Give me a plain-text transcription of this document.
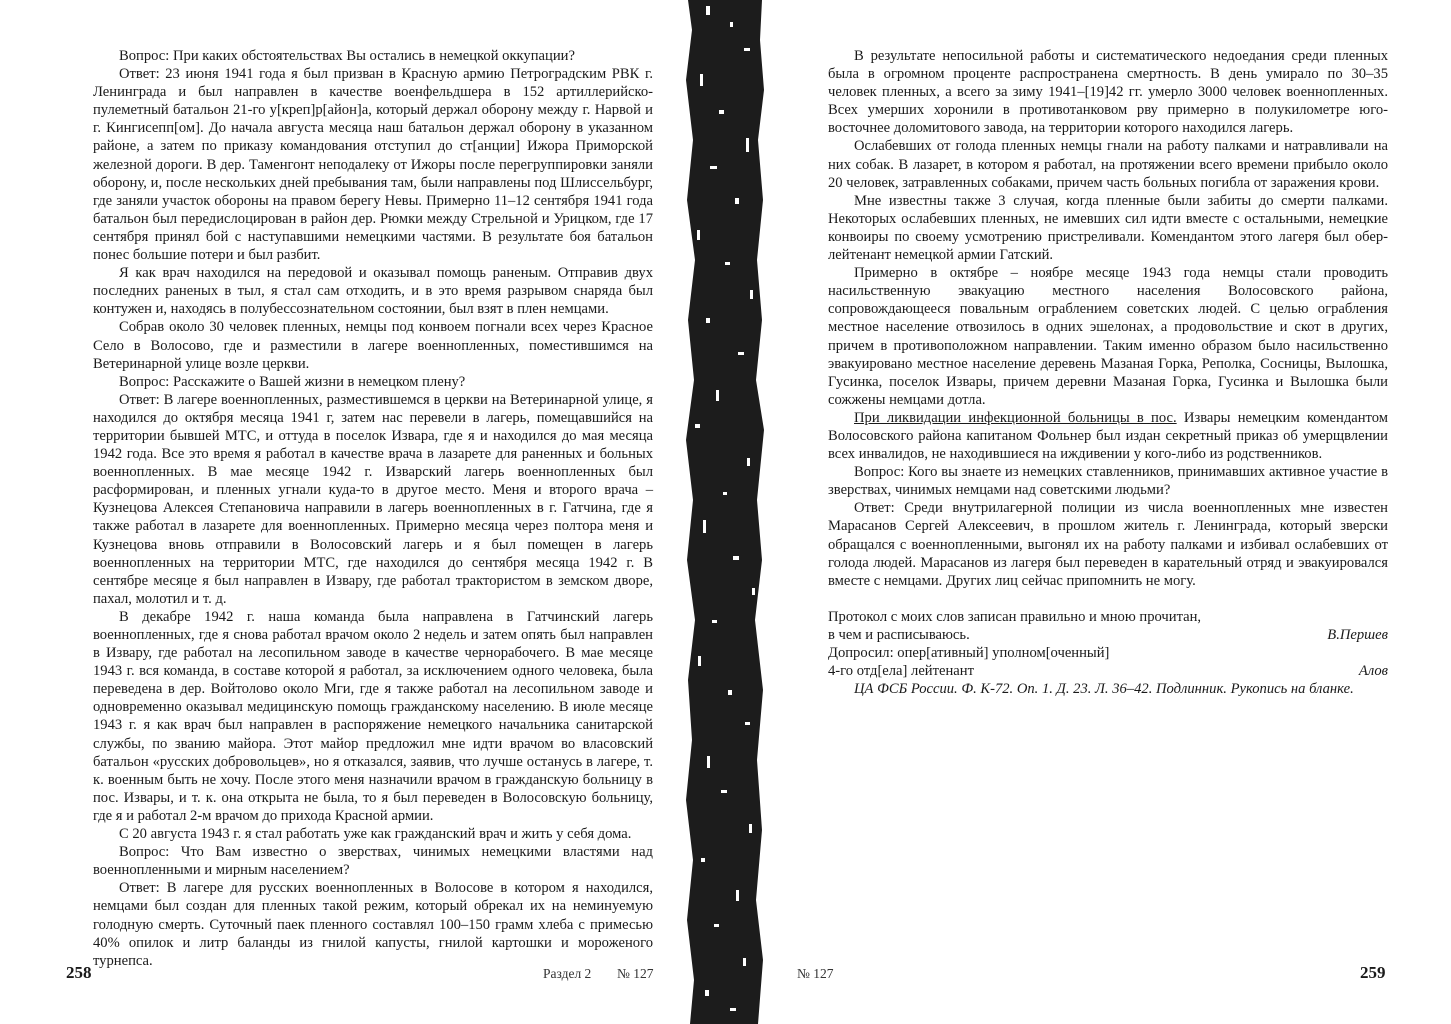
Вопрос: При каких обстоятельствах Вы остались в немецкой оккупации?

Ответ: 23 июня 1941 года я был призван в Красную армию Петроградским РВК г. Ленинграда и был направлен в качестве военфельдшера в 152 артиллерийско-пулеметный батальон 21-го у[креп]р[айон]а, который держал оборону между г. Нарвой и г. Кингисепп[ом]. До начала августа месяца наш батальон держал оборону в указанном районе, а затем по приказу командования отступил до ст[анции] Ижора Приморской железной дороги. В дер. Таменгонт неподалеку от Ижоры после перегруппировки заняли оборону, и, после нескольких дней пребывания там, были направлены под Шлиссельбург, где заняли участок обороны на правом берегу Невы. Примерно 11–12 сентября 1941 года батальон был передислоцирован в район дер. Рюмки между Стрельной и Урицком, где 17 сентября принял бой с наступавшими немецкими частями. В результате боя батальон понес большие потери и был разбит.

Я как врач находился на передовой и оказывал помощь раненым. Отправив двух последних раненых в тыл, я стал сам отходить, и в это время разрывом снаряда был контужен и, находясь в полубессознательном состоянии, был взят в плен немцами.

Собрав около 30 человек пленных, немцы под конвоем погнали всех через Красное Село в Волосово, где и разместили в лагере военнопленных, поместившимся на Ветеринарной улице возле церкви.

Вопрос: Расскажите о Вашей жизни в немецком плену?

Ответ: В лагере военнопленных, разместившемся в церкви на Ветеринарной улице, я находился до октября месяца 1941 г, затем нас перевели в лагерь, помещавшийся на территории бывшей МТС, и оттуда в поселок Извара, где я и находился до мая месяца 1942 года. Все это время я работал в качестве врача в лазарете для раненных и больных военнопленных. В мае месяце 1942 г. Изварский лагерь военнопленных был расформирован, и пленных угнали куда-то в другое место. Меня и второго врача – Кузнецова Алексея Степановича направили в лагерь военнопленных в г. Гатчина, где я также работал в лазарете для военнопленных. Примерно месяца через полтора меня и Кузнецова вновь отправили в Волосовский лагерь и я был помещен в лагерь военнопленных на территории МТС, где находился до сентября месяца 1942 г. В сентябре месяце я был направлен в Извару, где работал трактористом в земском дворе, пахал, молотил и т. д.

В декабре 1942 г. наша команда была направлена в Гатчинский лагерь военнопленных, где я снова работал врачом около 2 недель и затем опять был направлен в Извару, где работал на лесопильном заводе в качестве чернорабочего. В мае месяце 1943 г. вся команда, в составе которой я работал, за исключением одного человека, была переведена в дер. Войтолово около Мги, где я также работал на лесопильном заводе и одновременно оказывал медицинскую помощь гражданскому населению. В июле месяце 1943 г. я как врач был направлен в распоряжение немецкого начальника санитарской службы, по званию майора. Этот майор предложил мне идти врачом во власовский батальон «русских добровольцев», но я отказался, заявив, что лучше останусь в лагере, т. к. военным быть не хочу. После этого меня назначили врачом в гражданскую больницу в пос. Извары, и т. к. она открыта не была, то я был переведен в Волосовскую больницу, где я и работал 2-м врачом до прихода Красной армии.

С 20 августа 1943 г. я стал работать уже как гражданский врач и жить у себя дома.

Вопрос: Что Вам известно о зверствах, чинимых немецкими властями над военнопленными и мирным населением?

Ответ: В лагере для русских военнопленных в Волосове в котором я находился, немцами был создан для пленных такой режим, который обрекал их на неминуемую голодную смерть. Суточный паек пленного составлял 100–150 грамм хлеба с примесью 40% опилок и литр баланды из гнилой капусты, гнилой картошки и мороженого турнепса.

258	Раздел 2 № 127

В результате непосильной работы и систематического недоедания среди пленных была в огромном проценте распространена смертность. В день умирало по 30–35 человек пленных, а всего за зиму 1941–[19]42 гг. умерло 3000 человек военнопленных. Всех умерших хоронили в противотанковом рву примерно в полукилометре юго-восточнее доломитового завода, на территории которого находился лагерь.

Ослабевших от голода пленных немцы гнали на работу палками и натравливали на них собак. В лазарет, в котором я работал, на протяжении всего времени прибыло около 20 человек, затравленных собаками, причем часть больных погибла от заражения крови.

Мне известны также 3 случая, когда пленные были забиты до смерти палками. Некоторых ослабевших пленных, не имевших сил идти вместе с остальными, немецкие конвоиры по своему усмотрению пристреливали. Комендантом этого лагеря был обер-лейтенант немецкой армии Гатский.

Примерно в октябре – ноябре месяце 1943 года немцы стали проводить насильственную эвакуацию местного населения Волосовского района, сопровождающееся повальным ограблением советских людей. С целью ограбления местное население отвозилось в одних эшелонах, а продовольствие и скот в других, причем в противоположном направлении. Таким именно образом было насильственно эвакуировано местное население деревень Мазаная Горка, Реполка, Сосницы, Вылошка, Гусинка, поселок Извары, причем деревни Мазаная Горка, Гусинка и Вылошка были сожжены немцами дотла.

При ликвидации инфекционной больницы в пос. Извары немецким комендантом Волосовского района капитаном Фольнер был издан секретный приказ об умерщвлении всех инвалидов, не находившиеся на иждивении у кого-либо из родственников.

Вопрос: Кого вы знаете из немецких ставленников, принимавших активное участие в зверствах, чинимых немцами над советскими людьми?

Ответ: Среди внутрилагерной полиции из числа военнопленных мне известен Марасанов Сергей Алексеевич, в прошлом житель г. Ленинграда, который зверски обращался с военнопленными, выгонял их на работу палками и избивал ослабевших от голода людей. Марасанов из лагеря был переведен в карательный отряд и эвакуировался вместе с немцами. Других лиц сейчас припомнить не могу.

Протокол с моих слов записан правильно и мною прочитан,

в чем и расписываюсь.	В.Першев

Допросил: опер[ативный] уполном[оченный]

4-го отд[ела] лейтенант	Алов

ЦА ФСБ России. Ф. К-72. Оп. 1. Д. 23. Л. 36–42. Подлинник. Рукопись на бланке.

№ 127	259
